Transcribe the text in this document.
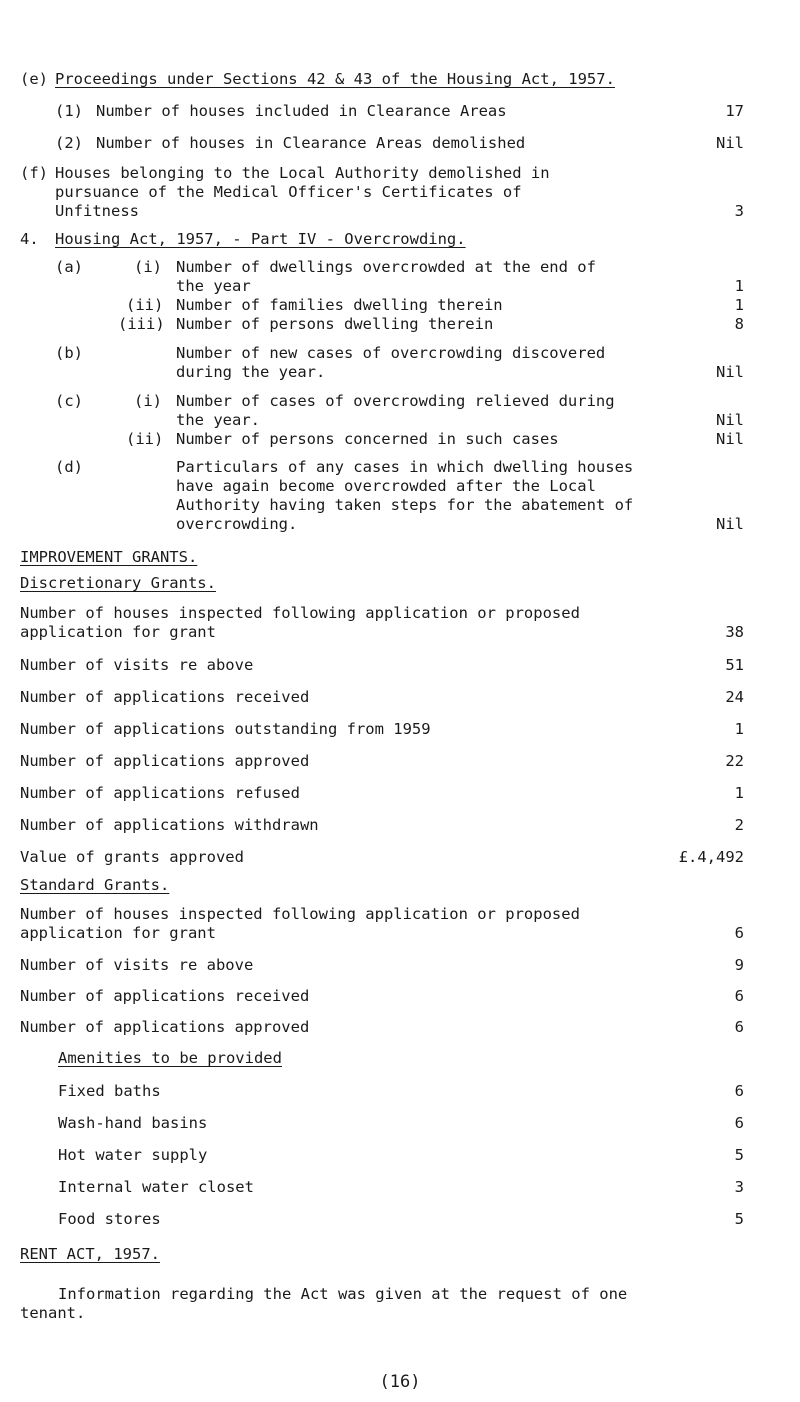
(e) Proceedings under Sections 42 & 43 of the Housing Act, 1957.
(1) Number of houses included in Clearance Areas	17
(2) Number of houses in Clearance Areas demolished	Nil
(f) Houses belonging to the Local Authority demolished in
pursuance of the Medical Officer's Certificates of
Unfitness	3
4. Housing Act, 1957, - Part IV - Overcrowding.
(a)	(i) Number of dwellings overcrowded at the end of
the year	1
(ii) Number of families dwelling therein	1
(iii) Number of persons dwelling therein	8
(b)	Number of new cases of overcrowding discovered
during the year.	Nil
(c)	(i) Number of cases of overcrowding relieved during
the year.	Nil
(ii) Number of persons concerned in such cases	Nil
(d)	Particulars of any cases in which dwelling houses
have again become overcrowded after the Local
Authority having taken steps for the abatement of
overcrowding.	Nil
IMPROVEMENT GRANTS.
Discretionary Grants.
Number of houses inspected following application or proposed
application for grant	38
Number of visits re above	51
Number of applications received	24
Number of applications outstanding from 1959	1
Number of applications approved	22
Number of applications refused	1
Number of applications withdrawn	2
Value of grants approved	£.4,492
Standard Grants.
Number of houses inspected following application or proposed
application for grant	6
Number of visits re above	9
Number of applications received	6
Number of applications approved	6
Amenities to be provided
Fixed baths	6
Wash-hand basins	6
Hot water supply	5
Internal water closet	3
Food stores	5
RENT ACT, 1957.
Information regarding the Act was given at the request of one
tenant.
(16)
